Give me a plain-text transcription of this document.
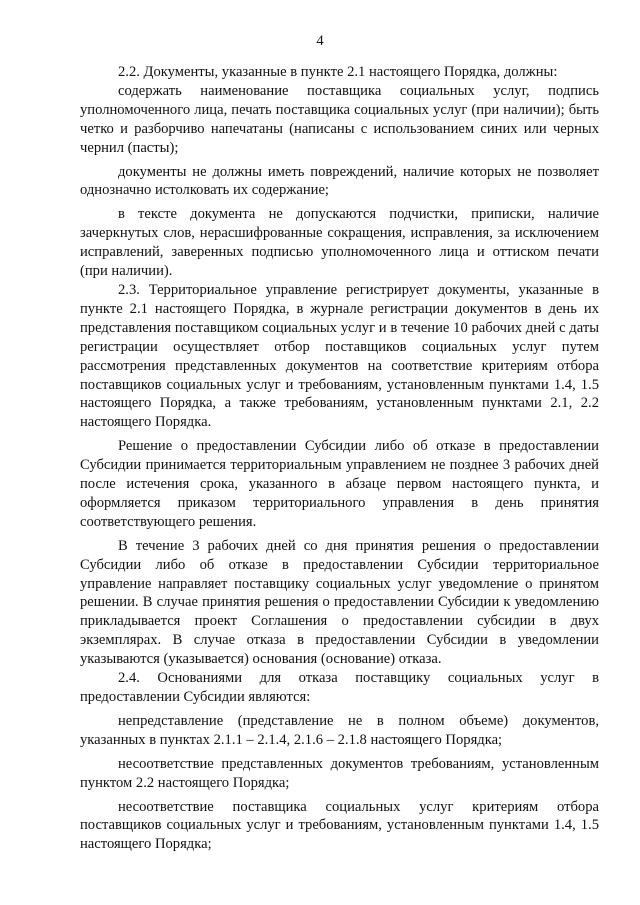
4

2.2. Документы, указанные в пункте 2.1 настоящего Порядка, должны:

содержать наименование поставщика социальных услуг, подпись уполномоченного лица, печать поставщика социальных услуг (при наличии); быть четко и разборчиво напечатаны (написаны с использованием синих или черных чернил (пасты);

документы не должны иметь повреждений, наличие которых не позволяет однозначно истолковать их содержание;

в тексте документа не допускаются подчистки, приписки, наличие зачеркнутых слов, нерасшифрованные сокращения, исправления, за исключением исправлений, заверенных подписью уполномоченного лица и оттиском печати (при наличии).

2.3. Территориальное управление регистрирует документы, указанные в пункте 2.1 настоящего Порядка, в журнале регистрации документов в день их представления поставщиком социальных услуг и в течение 10 рабочих дней с даты регистрации осуществляет отбор поставщиков социальных услуг путем рассмотрения представленных документов на соответствие критериям отбора поставщиков социальных услуг и требованиям, установленным пунктами 1.4, 1.5 настоящего Порядка, а также требованиям, установленным пунктами 2.1, 2.2 настоящего Порядка.

Решение о предоставлении Субсидии либо об отказе в предоставлении Субсидии принимается территориальным управлением не позднее 3 рабочих дней после истечения срока, указанного в абзаце первом настоящего пункта, и оформляется приказом территориального управления в день принятия соответствующего решения.

В течение 3 рабочих дней со дня принятия решения о предоставлении Субсидии либо об отказе в предоставлении Субсидии территориальное управление направляет поставщику социальных услуг уведомление о принятом решении. В случае принятия решения о предоставлении Субсидии к уведомлению прикладывается проект Соглашения о предоставлении субсидии в двух экземплярах. В случае отказа в предоставлении Субсидии в уведомлении указываются (указывается) основания (основание) отказа.

2.4. Основаниями для отказа поставщику социальных услуг в предоставлении Субсидии являются:

непредставление (представление не в полном объеме) документов, указанных в пунктах 2.1.1 – 2.1.4, 2.1.6 – 2.1.8 настоящего Порядка;

несоответствие представленных документов требованиям, установленным пунктом 2.2 настоящего Порядка;

несоответствие поставщика социальных услуг критериям отбора поставщиков социальных услуг и требованиям, установленным пунктами 1.4, 1.5 настоящего Порядка;
